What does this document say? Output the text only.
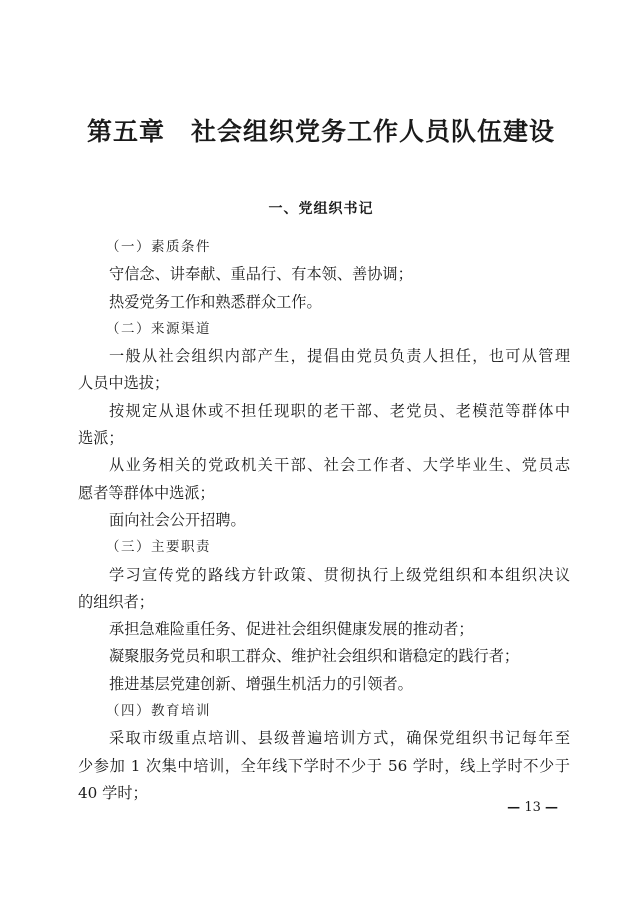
第五章 社会组织党务工作人员队伍建设
一、党组织书记
（一）素质条件
守信念、讲奉献、重品行、有本领、善协调；
热爱党务工作和熟悉群众工作。
（二）来源渠道
一般从社会组织内部产生，提倡由党员负责人担任，也可从管理
人员中选拔；
按规定从退休或不担任现职的老干部、老党员、老模范等群体中
选派；
从业务相关的党政机关干部、社会工作者、大学毕业生、党员志
愿者等群体中选派；
面向社会公开招聘。
（三）主要职责
学习宣传党的路线方针政策、贯彻执行上级党组织和本组织决议
的组织者；
承担急难险重任务、促进社会组织健康发展的推动者；
凝聚服务党员和职工群众、维护社会组织和谐稳定的践行者；
推进基层党建创新、增强生机活力的引领者。
（四）教育培训
采取市级重点培训、县级普遍培训方式，确保党组织书记每年至
少参加 1 次集中培训，全年线下学时不少于 56 学时，线上学时不少于
40 学时；
— 13 —
